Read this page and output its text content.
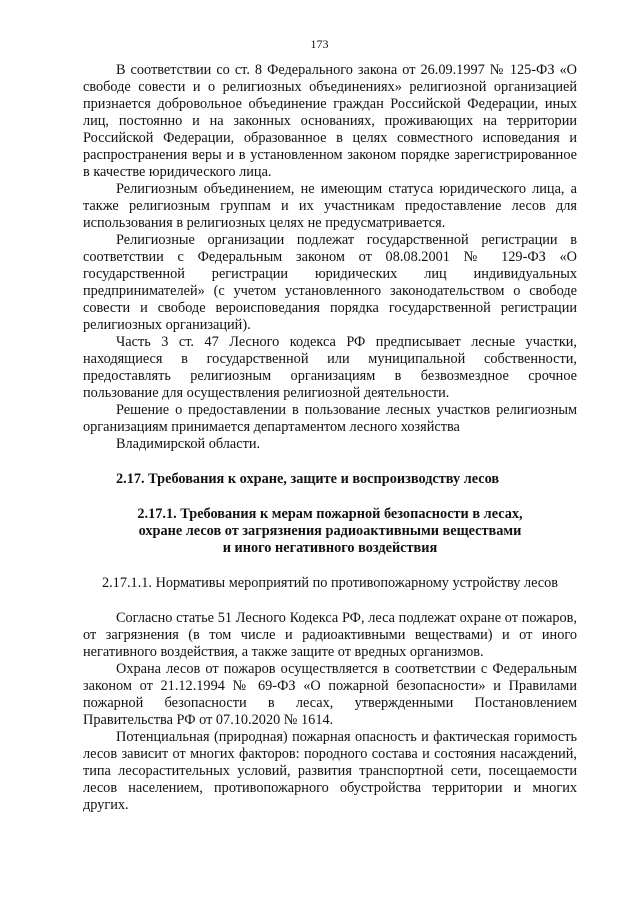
173

В соответствии со ст. 8 Федерального закона от 26.09.1997 № 125-ФЗ «О свободе совести и о религиозных объединениях» религиозной организацией признается добровольное объединение граждан Российской Федерации, иных лиц, постоянно и на законных основаниях, проживающих на территории Российской Федерации, образованное в целях совместного исповедания и распространения веры и в установленном законом порядке зарегистрированное в качестве юридического лица.

Религиозным объединением, не имеющим статуса юридического лица, а также религиозным группам и их участникам предоставление лесов для использования в религиозных целях не предусматривается.

Религиозные организации подлежат государственной регистрации в соответствии с Федеральным законом от 08.08.2001 № 129-ФЗ «О государственной регистрации юридических лиц индивидуальных предпринимателей» (с учетом установленного законодательством о свободе совести и свободе вероисповедания порядка государственной регистрации религиозных организаций).

Часть 3 ст. 47 Лесного кодекса РФ предписывает лесные участки, находящиеся в государственной или муниципальной собственности, предоставлять религиозным организациям в безвозмездное срочное пользование для осуществления религиозной деятельности.

Решение о предоставлении в пользование лесных участков религиозным организациям принимается департаментом лесного хозяйства

Владимирской области.

2.17. Требования к охране, защите и воспроизводству лесов

2.17.1. Требования к мерам пожарной безопасности в лесах,
охране лесов от загрязнения радиоактивными веществами
и иного негативного воздействия

2.17.1.1. Нормативы мероприятий по противопожарному устройству лесов

Согласно статье 51 Лесного Кодекса РФ, леса подлежат охране от пожаров, от загрязнения (в том числе и радиоактивными веществами) и от иного негативного воздействия, а также защите от вредных организмов.

Охрана лесов от пожаров осуществляется в соответствии с Федеральным законом от 21.12.1994 № 69-ФЗ «О пожарной безопасности» и Правилами пожарной безопасности в лесах, утвержденными Постановлением Правительства РФ от 07.10.2020 № 1614.

Потенциальная (природная) пожарная опасность и фактическая горимость лесов зависит от многих факторов: породного состава и состояния насаждений, типа лесорастительных условий, развития транспортной сети, посещаемости лесов населением, противопожарного обустройства территории и многих других.
